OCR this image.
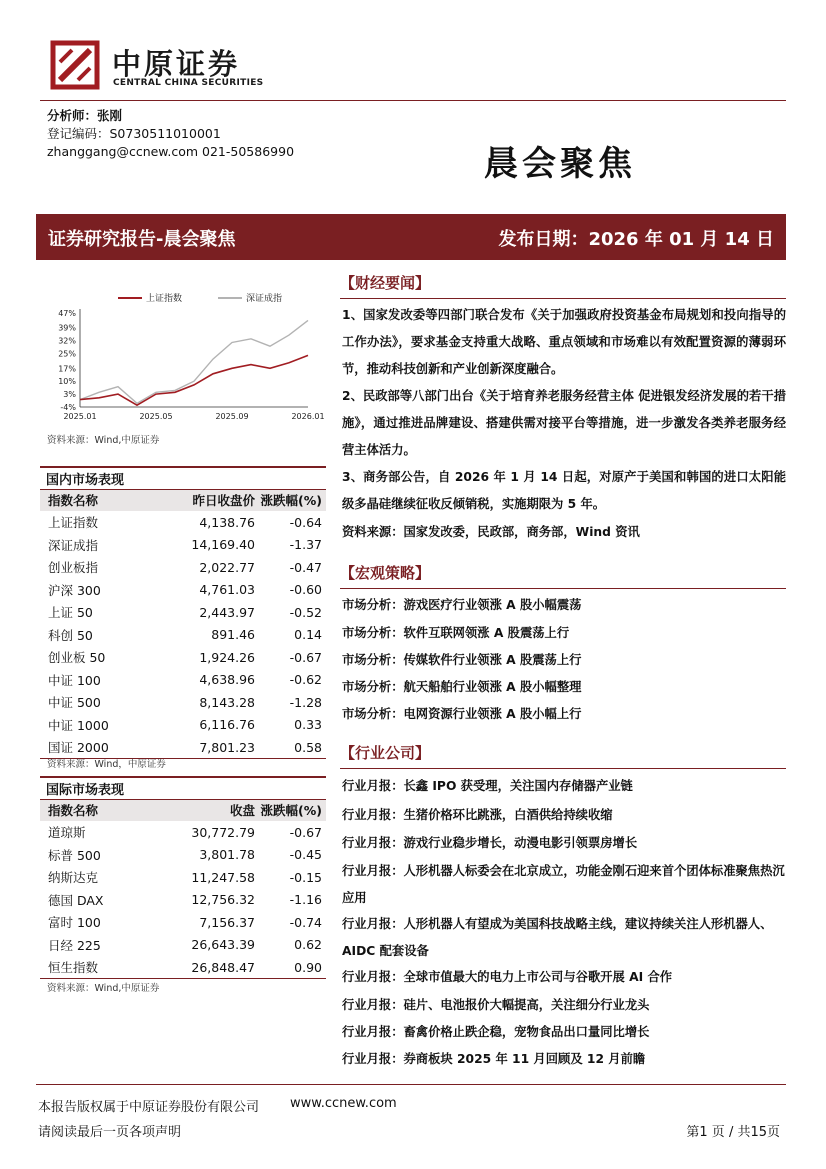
中原证券
CENTRAL CHINA SECURITIES
分析师：张刚
登记编码：S0730511010001
zhanggang@ccnew.com 021-50586990	晨会聚焦
证券研究报告-晨会聚焦	发布日期：2026 年 01 月 14 日
47%
39%
32%
25%
17%
10%
3%
-4%
2025.01	2025.05	2025.09	2026.01
上证指数	深证成指
资料来源：Wind,中原证券
国内市场表现		
指数名称	昨日收盘价	涨跌幅(%)
上证指数	4,138.76	-0.64
深证成指	14,169.40	-1.37
创业板指	2,022.77	-0.47
沪深 300	4,761.03	-0.60
上证 50	2,443.97	-0.52
科创 50	891.46	0.14
创业板 50	1,924.26	-0.67
中证 100	4,638.96	-0.62
中证 500	8,143.28	-1.28
中证 1000	6,116.76	0.33
国证 2000	7,801.23	0.58
资料来源：Wind，中原证券
国际市场表现		
指数名称	收盘	涨跌幅(%)
道琼斯	30,772.79	-0.67
标普 500	3,801.78	-0.45
纳斯达克	11,247.58	-0.15
德国 DAX	12,756.32	-1.16
富时 100	7,156.37	-0.74
日经 225	26,643.39	0.62
恒生指数	26,848.47	0.90
资料来源：Wind,中原证券
【财经要闻】
1、国家发改委等四部门联合发布《关于加强政府投资基金布局规划和投向指导的工作办法》，要求基金支持重大战略、重点领域和市场难以有效配置资源的薄弱环节，推动科技创新和产业创新深度融合。
2、民政部等八部门出台《关于培育养老服务经营主体 促进银发经济发展的若干措施》，通过推进品牌建设、搭建供需对接平台等措施，进一步激发各类养老服务经营主体活力。
3、商务部公告，自 2026 年 1 月 14 日起，对原产于美国和韩国的进口太阳能级多晶硅继续征收反倾销税，实施期限为 5 年。
资料来源：国家发改委，民政部，商务部，Wind 资讯
【宏观策略】
市场分析：游戏医疗行业领涨 A 股小幅震荡
市场分析：软件互联网领涨 A 股震荡上行
市场分析：传媒软件行业领涨 A 股震荡上行
市场分析：航天船舶行业领涨 A 股小幅整理
市场分析：电网资源行业领涨 A 股小幅上行
【行业公司】
行业月报：长鑫 IPO 获受理，关注国内存储器产业链
行业月报：生猪价格环比跳涨，白酒供给持续收缩
行业月报：游戏行业稳步增长，动漫电影引领票房增长
行业月报：人形机器人标委会在北京成立，功能金刚石迎来首个团体标准聚焦热沉应用
行业月报：人形机器人有望成为美国科技战略主线，建议持续关注人形机器人、AIDC 配套设备
行业月报：全球市值最大的电力上市公司与谷歌开展 AI 合作
行业月报：硅片、电池报价大幅提高，关注细分行业龙头
行业月报：畜禽价格止跌企稳，宠物食品出口量同比增长
行业月报：券商板块 2025 年 11 月回顾及 12 月前瞻
本报告版权属于中原证券股份有限公司 www.ccnew.com
请阅读最后一页各项声明	第1 页 / 共15页
